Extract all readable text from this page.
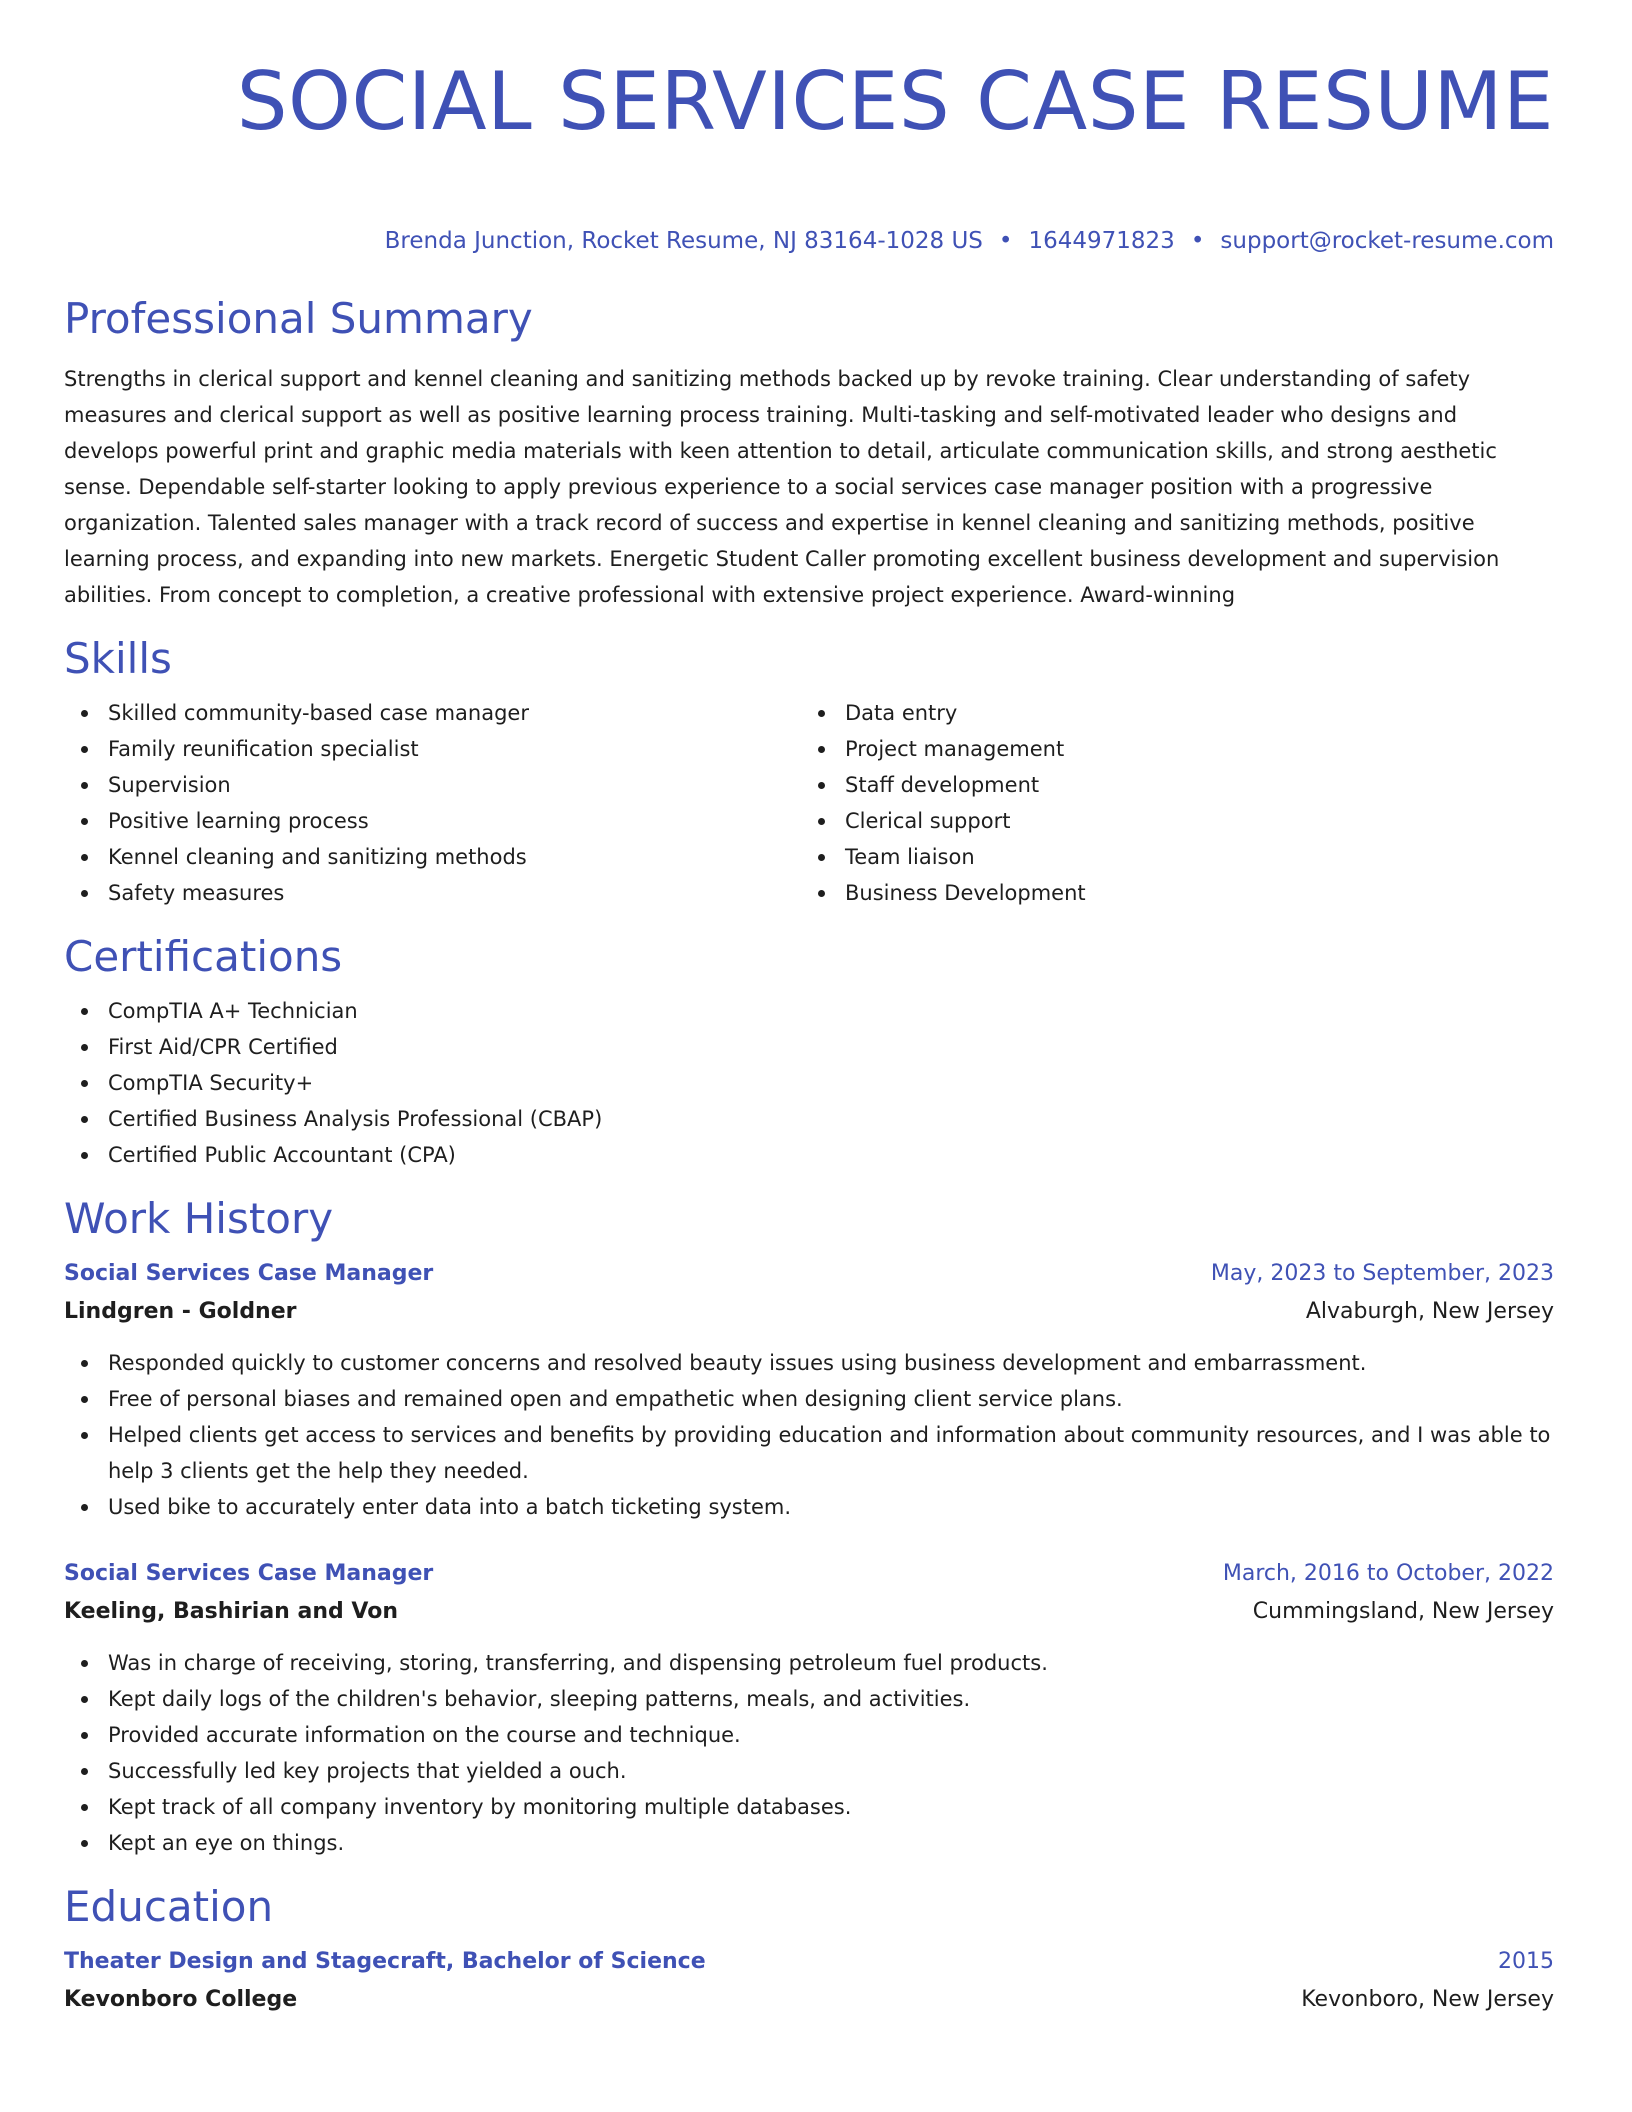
SOCIAL SERVICES CASE RESUME
Brenda Junction, Rocket Resume, NJ 83164-1028 US • 1644971823 • support@rocket-resume.com
Professional Summary

Strengths in clerical support and kennel cleaning and sanitizing methods backed up by revoke training. Clear understanding of safety measures and clerical support as well as positive learning process training. Multi-tasking and self-motivated leader who designs and develops powerful print and graphic media materials with keen attention to detail, articulate communication skills, and strong aesthetic sense. Dependable self-starter looking to apply previous experience to a social services case manager position with a progressive organization. Talented sales manager with a track record of success and expertise in kennel cleaning and sanitizing methods, positive learning process, and expanding into new markets. Energetic Student Caller promoting excellent business development and supervision abilities. From concept to completion, a creative professional with extensive project experience. Award-winning

Skills
Skilled community-based case manager
Family reunification specialist
Supervision
Positive learning process
Kennel cleaning and sanitizing methods
Safety measures
Data entry
Project management
Staff development
Clerical support
Team liaison
Business Development
Certifications
CompTIA A+ Technician
First Aid/CPR Certified
CompTIA Security+
Certified Business Analysis Professional (CBAP)
Certified Public Accountant (CPA)
Work History
Social Services Case Manager	May, 2023 to September, 2023
Lindgren - Goldner	Alvaburgh, New Jersey
Responded quickly to customer concerns and resolved beauty issues using business development and embarrassment.
Free of personal biases and remained open and empathetic when designing client service plans.
Helped clients get access to services and benefits by providing education and information about community resources, and I was able to help 3 clients get the help they needed.
Used bike to accurately enter data into a batch ticketing system.
Social Services Case Manager	March, 2016 to October, 2022
Keeling, Bashirian and Von	Cummingsland, New Jersey
Was in charge of receiving, storing, transferring, and dispensing petroleum fuel products.
Kept daily logs of the children's behavior, sleeping patterns, meals, and activities.
Provided accurate information on the course and technique.
Successfully led key projects that yielded a ouch.
Kept track of all company inventory by monitoring multiple databases.
Kept an eye on things.
Education
Theater Design and Stagecraft, Bachelor of Science	2015
Kevonboro College	Kevonboro, New Jersey
